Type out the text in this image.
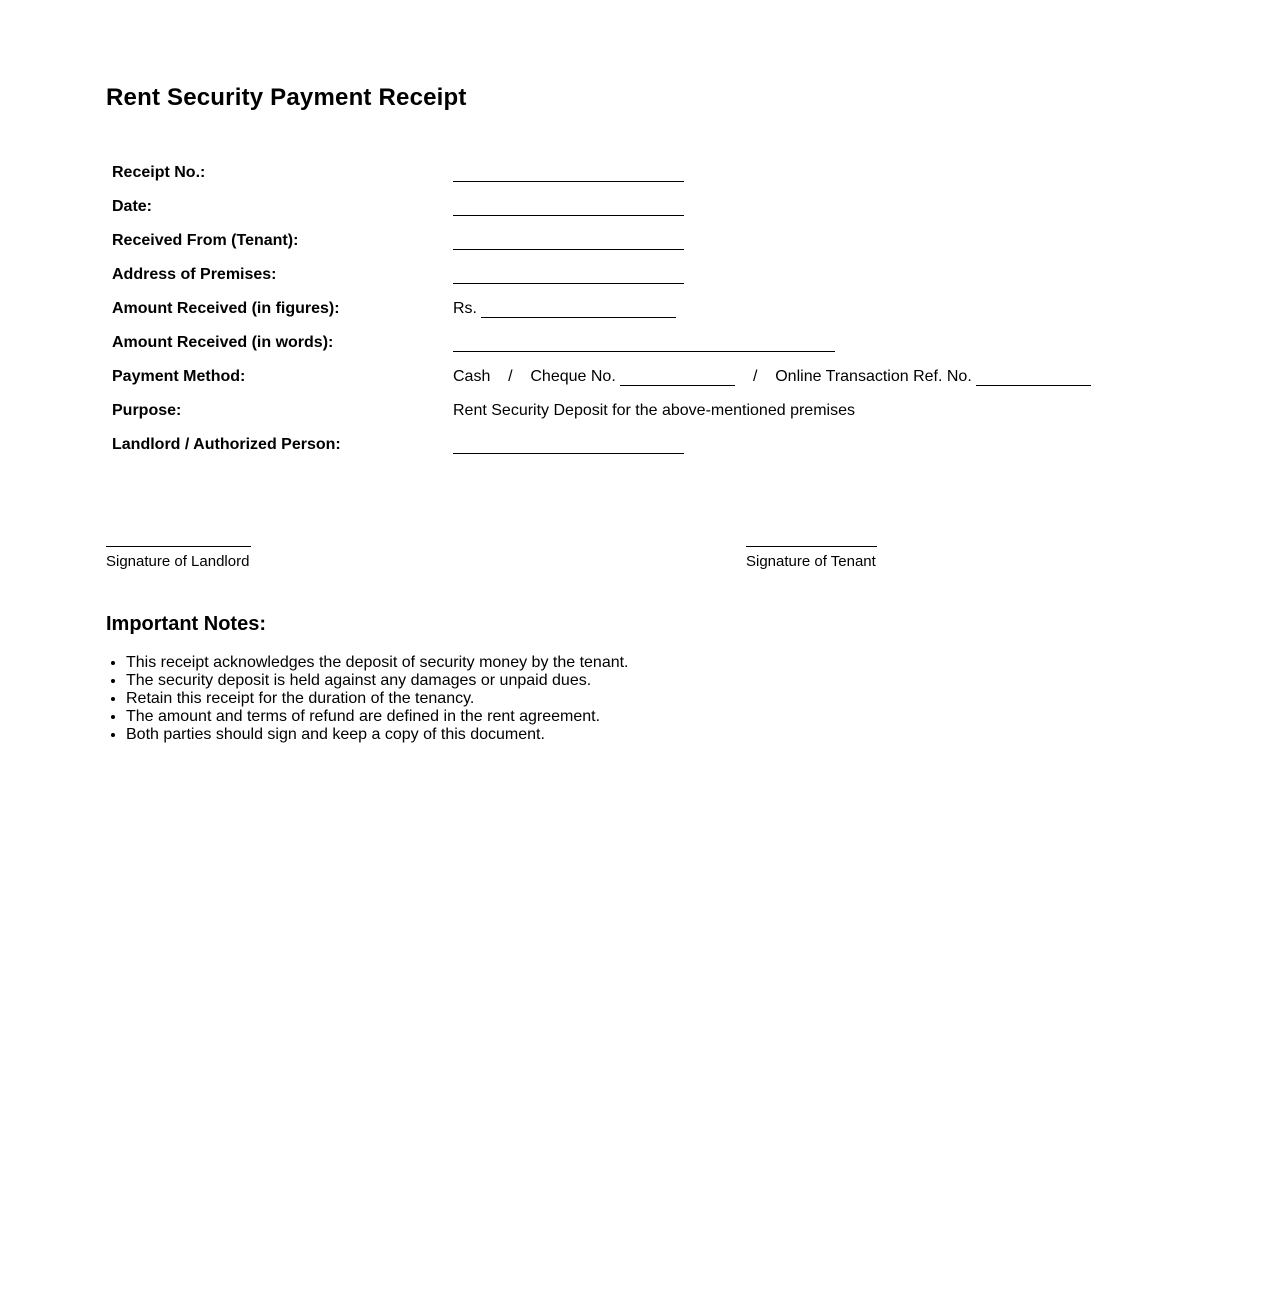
Rent Security Payment Receipt
Receipt No.:
Date:
Received From (Tenant):
Address of Premises:
Amount Received (in figures):	Rs.
Amount Received (in words):
Payment Method:	Cash / Cheque No.	/ Online Transaction Ref. No.
Purpose:	Rent Security Deposit for the above-mentioned premises
Landlord / Authorized Person:
Signature of Landlord	Signature of Tenant
Important Notes:
• This receipt acknowledges the deposit of security money by the tenant.
• The security deposit is held against any damages or unpaid dues.
• Retain this receipt for the duration of the tenancy.
• The amount and terms of refund are defined in the rent agreement.
• Both parties should sign and keep a copy of this document.
